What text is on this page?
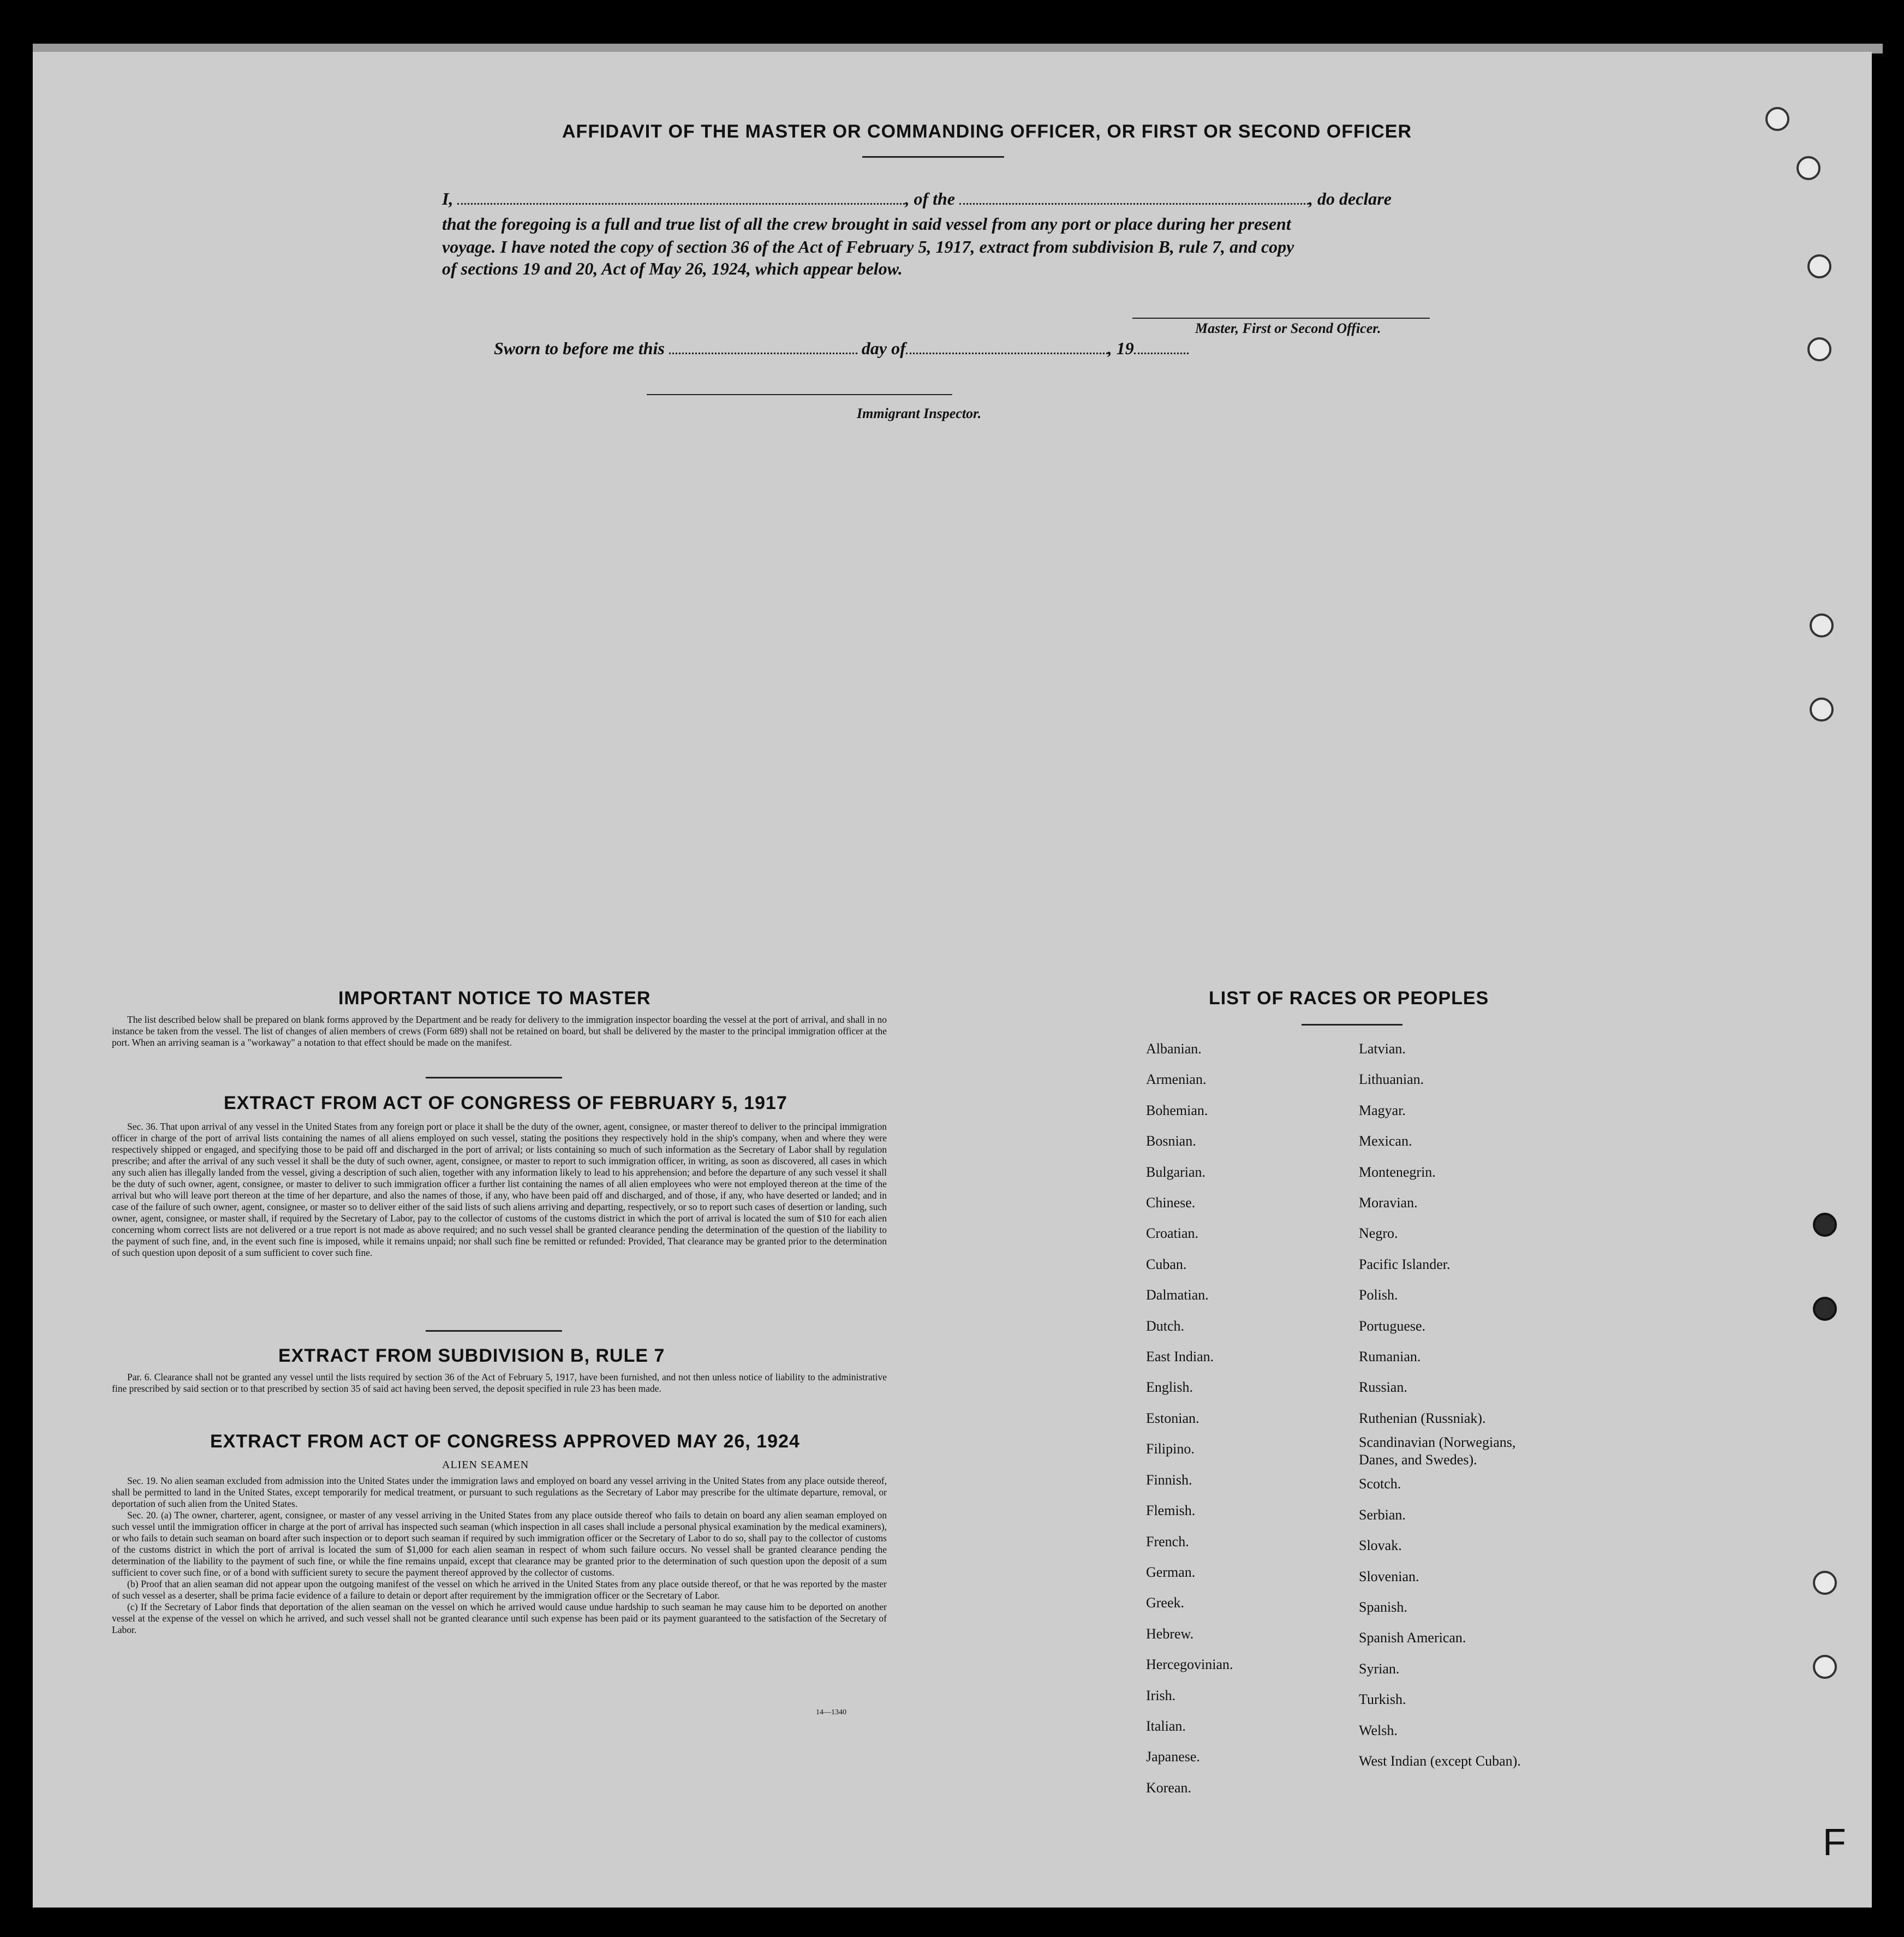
AFFIDAVIT OF THE MASTER OR COMMANDING OFFICER, OR FIRST OR SECOND OFFICER
I,	, of the	, do declare
that the foregoing is a full and true list of all the crew brought in said vessel from any port or place during her present
voyage. I have noted the copy of section 36 of the Act of February 5, 1917, extract from subdivision B, rule 7, and copy
of sections 19 and 20, Act of May 26, 1924, which appear below.
Master, First or Second Officer.
Sworn to before me this	day of	, 19
Immigrant Inspector.
IMPORTANT NOTICE TO MASTER

The list described below shall be prepared on blank forms approved by the Department and be ready for delivery to the immigration inspector boarding the vessel at the port of arrival, and shall in no instance be taken from the vessel. The list of changes of alien members of crews (Form 689) shall not be retained on board, but shall be delivered by the master to the principal immigration officer at the port. When an arriving seaman is a "workaway" a notation to that effect should be made on the manifest.

EXTRACT FROM ACT OF CONGRESS OF FEBRUARY 5, 1917

Sec. 36. That upon arrival of any vessel in the United States from any foreign port or place it shall be the duty of the owner, agent, consignee, or master thereof to deliver to the principal immigration officer in charge of the port of arrival lists containing the names of all aliens employed on such vessel, stating the positions they respectively hold in the ship's company, when and where they were respectively shipped or engaged, and specifying those to be paid off and discharged in the port of arrival; or lists containing so much of such information as the Secretary of Labor shall by regulation prescribe; and after the arrival of any such vessel it shall be the duty of such owner, agent, consignee, or master to report to such immigration officer, in writing, as soon as discovered, all cases in which any such alien has illegally landed from the vessel, giving a description of such alien, together with any information likely to lead to his apprehension; and before the departure of any such vessel it shall be the duty of such owner, agent, consignee, or master to deliver to such immigration officer a further list containing the names of all alien employees who were not employed thereon at the time of the arrival but who will leave port thereon at the time of her departure, and also the names of those, if any, who have been paid off and discharged, and of those, if any, who have deserted or landed; and in case of the failure of such owner, agent, consignee, or master so to deliver either of the said lists of such aliens arriving and departing, respectively, or so to report such cases of desertion or landing, such owner, agent, consignee, or master shall, if required by the Secretary of Labor, pay to the collector of customs of the customs district in which the port of arrival is located the sum of $10 for each alien concerning whom correct lists are not delivered or a true report is not made as above required; and no such vessel shall be granted clearance pending the determination of the question of the liability to the payment of such fine, and, in the event such fine is imposed, while it remains unpaid; nor shall such fine be remitted or refunded: Provided, That clearance may be granted prior to the determination of such question upon deposit of a sum sufficient to cover such fine.

EXTRACT FROM SUBDIVISION B, RULE 7

Par. 6. Clearance shall not be granted any vessel until the lists required by section 36 of the Act of February 5, 1917, have been furnished, and not then unless notice of liability to the administrative fine prescribed by said section or to that prescribed by section 35 of said act having been served, the deposit specified in rule 23 has been made.

EXTRACT FROM ACT OF CONGRESS APPROVED MAY 26, 1924
ALIEN SEAMEN

Sec. 19. No alien seaman excluded from admission into the United States under the immigration laws and employed on board any vessel arriving in the United States from any place outside thereof, shall be permitted to land in the United States, except temporarily for medical treatment, or pursuant to such regulations as the Secretary of Labor may prescribe for the ultimate departure, removal, or deportation of such alien from the United States.

Sec. 20. (a) The owner, charterer, agent, consignee, or master of any vessel arriving in the United States from any place outside thereof who fails to detain on board any alien seaman employed on such vessel until the immigration officer in charge at the port of arrival has inspected such seaman (which inspection in all cases shall include a personal physical examination by the medical examiners), or who fails to detain such seaman on board after such inspection or to deport such seaman if required by such immigration officer or the Secretary of Labor to do so, shall pay to the collector of customs of the customs district in which the port of arrival is located the sum of $1,000 for each alien seaman in respect of whom such failure occurs. No vessel shall be granted clearance pending the determination of the liability to the payment of such fine, or while the fine remains unpaid, except that clearance may be granted prior to the determination of such question upon the deposit of a sum sufficient to cover such fine, or of a bond with sufficient surety to secure the payment thereof approved by the collector of customs.

(b) Proof that an alien seaman did not appear upon the outgoing manifest of the vessel on which he arrived in the United States from any place outside thereof, or that he was reported by the master of such vessel as a deserter, shall be prima facie evidence of a failure to detain or deport after requirement by the immigration officer or the Secretary of Labor.

(c) If the Secretary of Labor finds that deportation of the alien seaman on the vessel on which he arrived would cause undue hardship to such seaman he may cause him to be deported on another vessel at the expense of the vessel on which he arrived, and such vessel shall not be granted clearance until such expense has been paid or its payment guaranteed to the satisfaction of the Secretary of Labor.

14—1340
LIST OF RACES OR PEOPLES
Albanian.
Armenian.
Bohemian.
Bosnian.
Bulgarian.
Chinese.
Croatian.
Cuban.
Dalmatian.
Dutch.
East Indian.
English.
Estonian.
Filipino.
Finnish.
Flemish.
French.
German.
Greek.
Hebrew.
Hercegovinian.
Irish.
Italian.
Japanese.
Korean.
Latvian.
Lithuanian.
Magyar.
Mexican.
Montenegrin.
Moravian.
Negro.
Pacific Islander.
Polish.
Portuguese.
Rumanian.
Russian.
Ruthenian (Russniak).
Scandinavian (Norwegians,
Danes, and Swedes).
Scotch.
Serbian.
Slovak.
Slovenian.
Spanish.
Spanish American.
Syrian.
Turkish.
Welsh.
West Indian (except Cuban).
F
